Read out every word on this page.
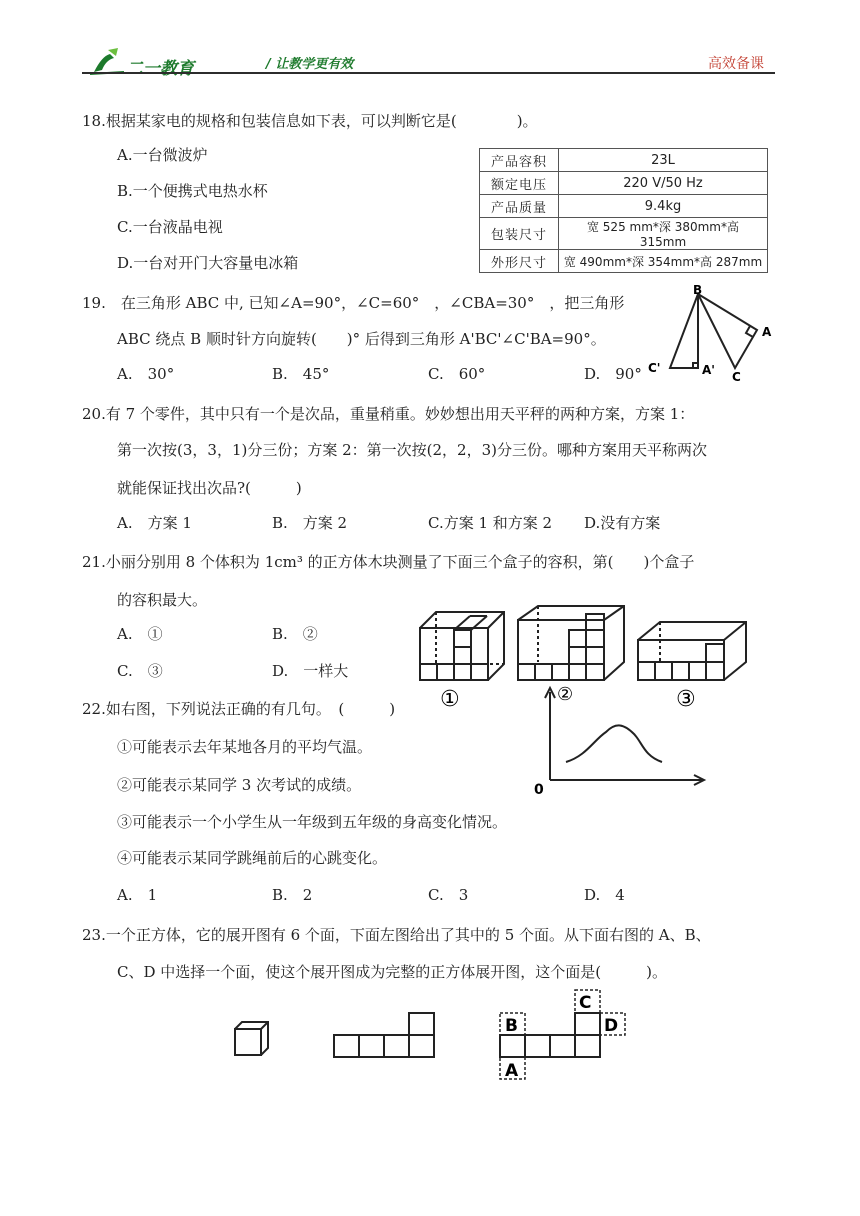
二一教育	/ 让教学更有效	高效备课
18.根据某家电的规格和包装信息如下表，可以判断它是(　　　　)。
A.一台微波炉
B.一个便携式电热水杯
C.一台液晶电视
D.一台对开门大容量电冰箱
产品容积	23L
额定电压	220 V/50 Hz
产品质量	9.4kg
包装尺寸	宽 525 mm*深 380mm*高 315mm
外形尺寸	宽 490mm*深 354mm*高 287mm
19.　在三角形 ABC 中, 已知∠A=90°，∠C=60°　，∠CBA=30°　，把三角形
ABC 绕点 B 顺时针方向旋转(　　)° 后得到三角形 A'BC'∠C'BA=90°。
A.　30°	B.　45°	C.　60°	D.　90°
B
A
C'	A' C
20.有 7 个零件，其中只有一个是次品，重量稍重。妙妙想出用天平秤的两种方案，方案 1：
第一次按(3，3，1)分三份；方案 2：第一次按(2，2，3)分三份。哪种方案用天平称两次
就能保证找出次品?(　　　)
A.　方案 1	B.　方案 2	C.方案 1 和方案 2 D.没有方案
21.小丽分别用 8 个体积为 1cm³ 的正方体木块测量了下面三个盒子的容积，第(　　)个盒子
的容积最大。
A.　①	B.　②
C.　③	D.　一样大
①	②	③
22.如右图，下列说法正确的有几句。　(　　　)
①可能表示去年某地各月的平均气温。
②可能表示某同学 3 次考试的成绩。
③可能表示一个小学生从一年级到五年级的身高变化情况。
④可能表示某同学跳绳前后的心跳变化。
A.　1	B.　2	C.　3	D.　4
0
23.一个正方体，它的展开图有 6 个面，下面左图给出了其中的 5 个面。从下面右图的 A、B、
C、D 中选择一个面，使这个展开图成为完整的正方体展开图，这个面是(　　　)。
B
A
C
D
